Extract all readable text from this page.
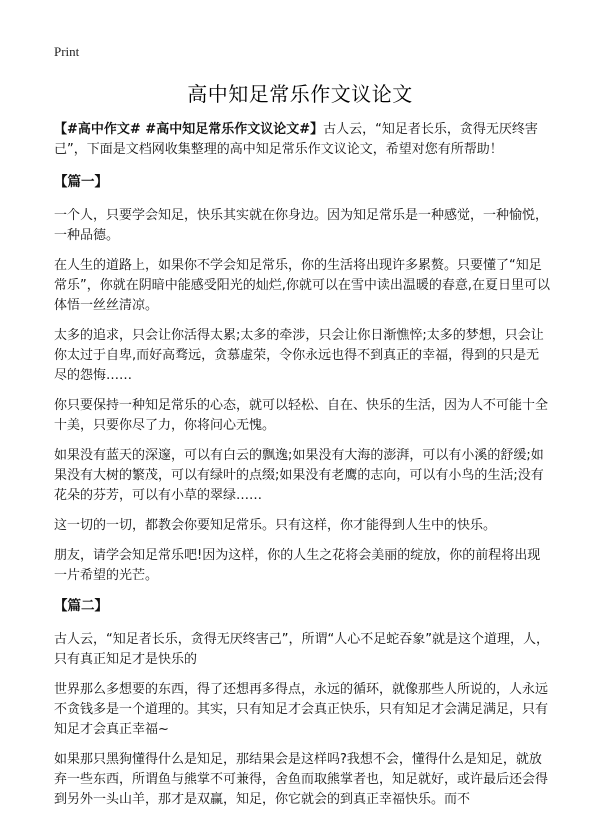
Print
高中知足常乐作文议论文

【#高中作文# #高中知足常乐作文议论文#】古人云，“知足者长乐，贪得无厌终害己”，下面是文档网收集整理的高中知足常乐作文议论文，希望对您有所帮助！

【篇一】

一个人，只要学会知足，快乐其实就在你身边。因为知足常乐是一种感觉，一种愉悦，一种品德。

在人生的道路上，如果你不学会知足常乐，你的生活将出现许多累赘。只要懂了“知足常乐”，你就在阴暗中能感受阳光的灿烂,你就可以在雪中读出温暖的春意,在夏日里可以体悟一丝丝清凉。

太多的追求，只会让你活得太累;太多的牵涉，只会让你日渐憔悴;太多的梦想，只会让你太过于自卑,而好高骛远，贪慕虚荣，令你永远也得不到真正的幸福，得到的只是无尽的怨悔……

你只要保持一种知足常乐的心态，就可以轻松、自在、快乐的生活，因为人不可能十全十美，只要你尽了力，你将问心无愧。

如果没有蓝天的深邃，可以有白云的飘逸;如果没有大海的澎湃，可以有小溪的舒缓;如果没有大树的繁茂，可以有绿叶的点缀;如果没有老鹰的志向，可以有小鸟的生活;没有花朵的芬芳，可以有小草的翠绿……

这一切的一切，都教会你要知足常乐。只有这样，你才能得到人生中的快乐。

朋友，请学会知足常乐吧!因为这样，你的人生之花将会美丽的绽放，你的前程将出现一片希望的光芒。

【篇二】

古人云，“知足者长乐，贪得无厌终害己”，所谓“人心不足蛇吞象”就是这个道理，人，只有真正知足才是快乐的

世界那么多想要的东西，得了还想再多得点，永远的循环，就像那些人所说的，人永远不贪钱多是一个道理的。其实，只有知足才会真正快乐，只有知足才会满足满足，只有知足才会真正幸福~

如果那只黑狗懂得什么是知足，那结果会是这样吗?我想不会，懂得什么是知足，就放弃一些东西，所谓鱼与熊掌不可兼得，舍鱼而取熊掌者也，知足就好，或许最后还会得到另外一头山羊，那才是双赢，知足，你它就会的到真正幸福快乐。而不
